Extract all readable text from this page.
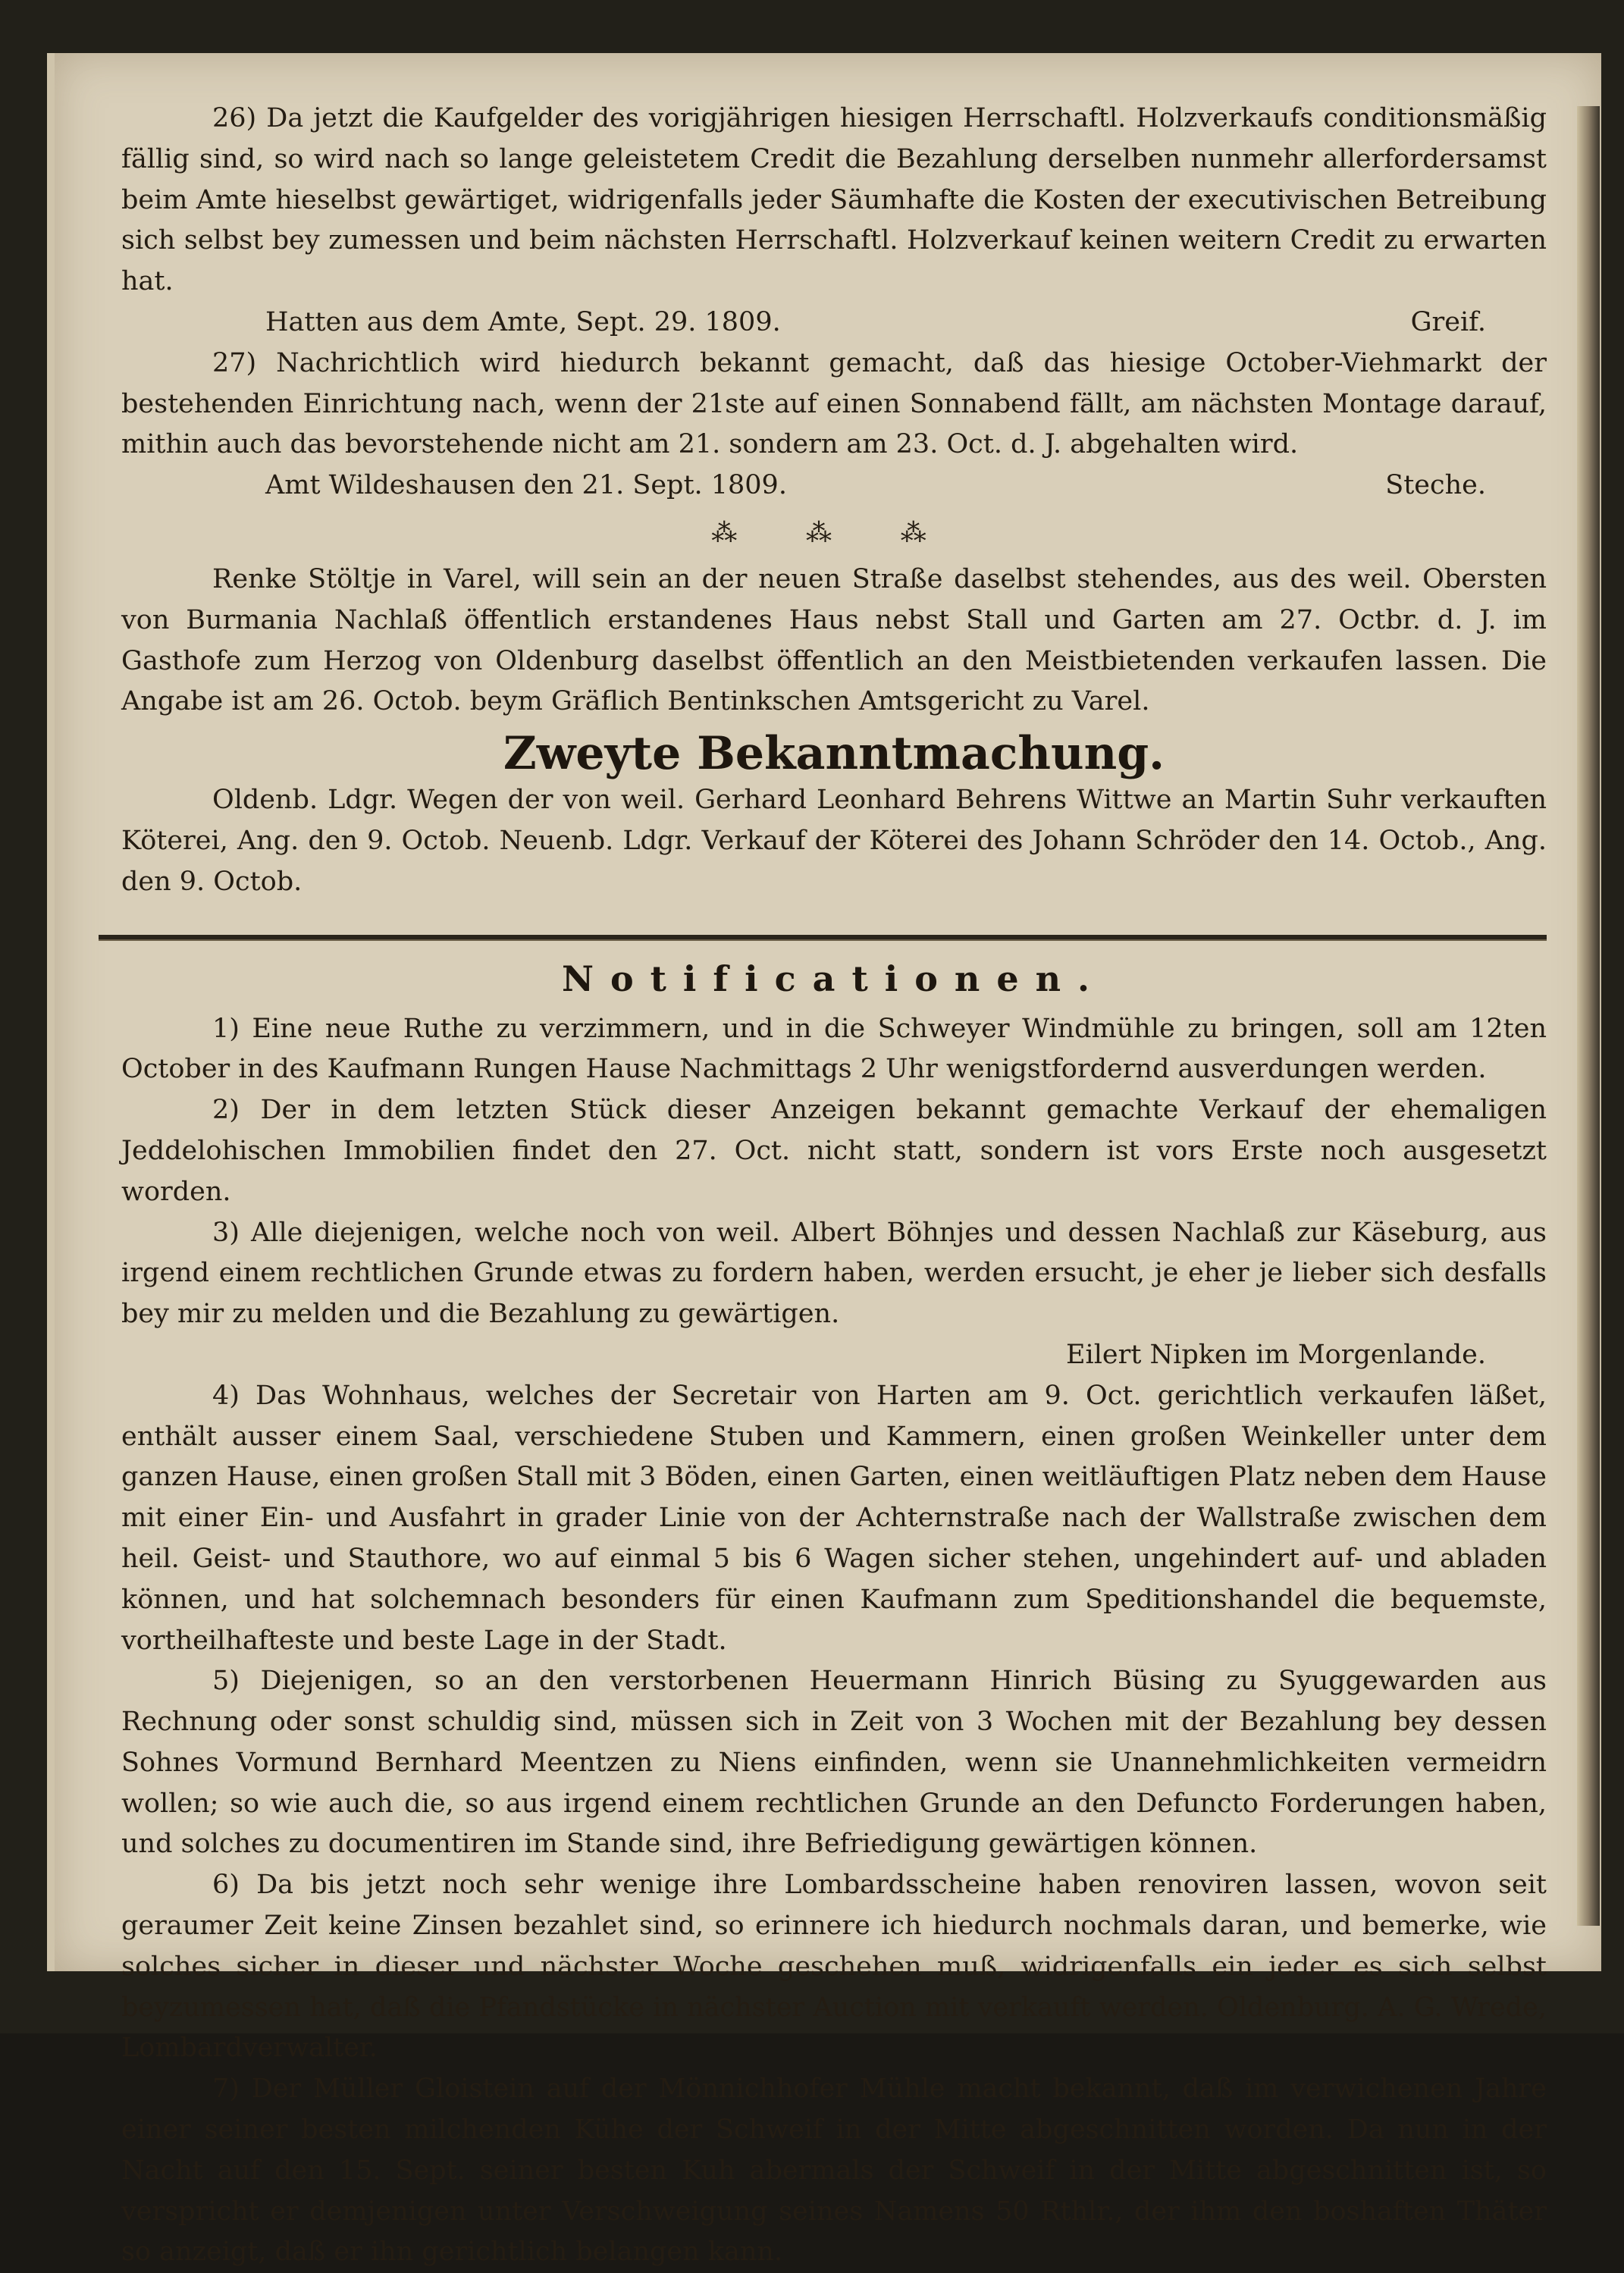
26) Da jetzt die Kaufgelder des vorigjährigen hiesigen Herrschaftl. Holzverkaufs conditionsmäßig fällig sind, so wird nach so lange geleistetem Credit die Bezahlung derselben nunmehr allerfordersamst beim Amte hieselbst gewärtiget, widrigenfalls jeder Säumhafte die Kosten der executivischen Betreibung sich selbst bey zumessen und beim nächsten Herrschaftl. Holzverkauf keinen weitern Credit zu erwarten hat.

Hatten aus dem Amte, Sept. 29. 1809.	Greif.

27) Nachrichtlich wird hiedurch bekannt gemacht, daß das hiesige October-Viehmarkt der bestehenden Einrichtung nach, wenn der 21ste auf einen Sonnabend fällt, am nächsten Montage darauf, mithin auch das bevorstehende nicht am 21. sondern am 23. Oct. d. J. abgehalten wird.

Amt Wildeshausen den 21. Sept. 1809.	Steche.

⁂ ⁂ ⁂

Renke Stöltje in Varel, will sein an der neuen Straße daselbst stehendes, aus des weil. Obersten von Burmania Nachlaß öffentlich erstandenes Haus nebst Stall und Garten am 27. Octbr. d. J. im Gasthofe zum Herzog von Oldenburg daselbst öffentlich an den Meistbietenden verkaufen lassen. Die Angabe ist am 26. Octob. beym Gräflich Bentinkschen Amtsgericht zu Varel.

Zweyte Bekanntmachung.

Oldenb. Ldgr. Wegen der von weil. Gerhard Leonhard Behrens Wittwe an Martin Suhr verkauften Köterei, Ang. den 9. Octob. Neuenb. Ldgr. Verkauf der Köterei des Johann Schröder den 14. Octob., Ang. den 9. Octob.

Notificationen.

1) Eine neue Ruthe zu verzimmern, und in die Schweyer Windmühle zu bringen, soll am 12ten October in des Kaufmann Rungen Hause Nachmittags 2 Uhr wenigstfordernd ausverdungen werden.

2) Der in dem letzten Stück dieser Anzeigen bekannt gemachte Verkauf der ehemaligen Jeddelohischen Immobilien findet den 27. Oct. nicht statt, sondern ist vors Erste noch ausgesetzt worden.

3) Alle diejenigen, welche noch von weil. Albert Böhnjes und dessen Nachlaß zur Käseburg, aus irgend einem rechtlichen Grunde etwas zu fordern haben, werden ersucht, je eher je lieber sich desfalls bey mir zu melden und die Bezahlung zu gewärtigen.

Eilert Nipken im Morgenlande.

4) Das Wohnhaus, welches der Secretair von Harten am 9. Oct. gerichtlich verkaufen läßet, enthält ausser einem Saal, verschiedene Stuben und Kammern, einen großen Weinkeller unter dem ganzen Hause, einen großen Stall mit 3 Böden, einen Garten, einen weitläuftigen Platz neben dem Hause mit einer Ein- und Ausfahrt in grader Linie von der Achternstraße nach der Wallstraße zwischen dem heil. Geist- und Stauthore, wo auf einmal 5 bis 6 Wagen sicher stehen, ungehindert auf- und abladen können, und hat solchemnach besonders für einen Kaufmann zum Speditionshandel die bequemste, vortheilhafteste und beste Lage in der Stadt.

5) Diejenigen, so an den verstorbenen Heuermann Hinrich Büsing zu Syuggewarden aus Rechnung oder sonst schuldig sind, müssen sich in Zeit von 3 Wochen mit der Bezahlung bey dessen Sohnes Vormund Bernhard Meentzen zu Niens einfinden, wenn sie Unannehmlichkeiten vermeidrn wollen; so wie auch die, so aus irgend einem rechtlichen Grunde an den Defuncto Forderungen haben, und solches zu documentiren im Stande sind, ihre Befriedigung gewärtigen können.

6) Da bis jetzt noch sehr wenige ihre Lombardsscheine haben renoviren lassen, wovon seit geraumer Zeit keine Zinsen bezahlet sind, so erinnere ich hiedurch nochmals daran, und bemerke, wie solches sicher in dieser und nächster Woche geschehen muß, widrigenfalls ein jeder es sich selbst beyzumessen hat, daß die Pfandstücke in nächster Auction mit verkauft werden. Oldenburg. A. G. Wrede, Lombardverwalter.

7) Der Müller Gloistein auf der Mönnichhofer Mühle macht bekannt, daß im verwichenen Jahre einer seiner besten milchenden Kühe der Schweif in der Mitte abgeschnitten worden. Da nun in der Nacht auf den 15. Sept. seiner besten Kuh abermals der Schweif in der Mitte abgeschnitten ist, so verspricht er demjenigen unter Verschweigung seines Namens 50 Rthlr., der ihm den boshaften Thäter so anzeigt, daß er ihn gerichtlich belangen kann.
